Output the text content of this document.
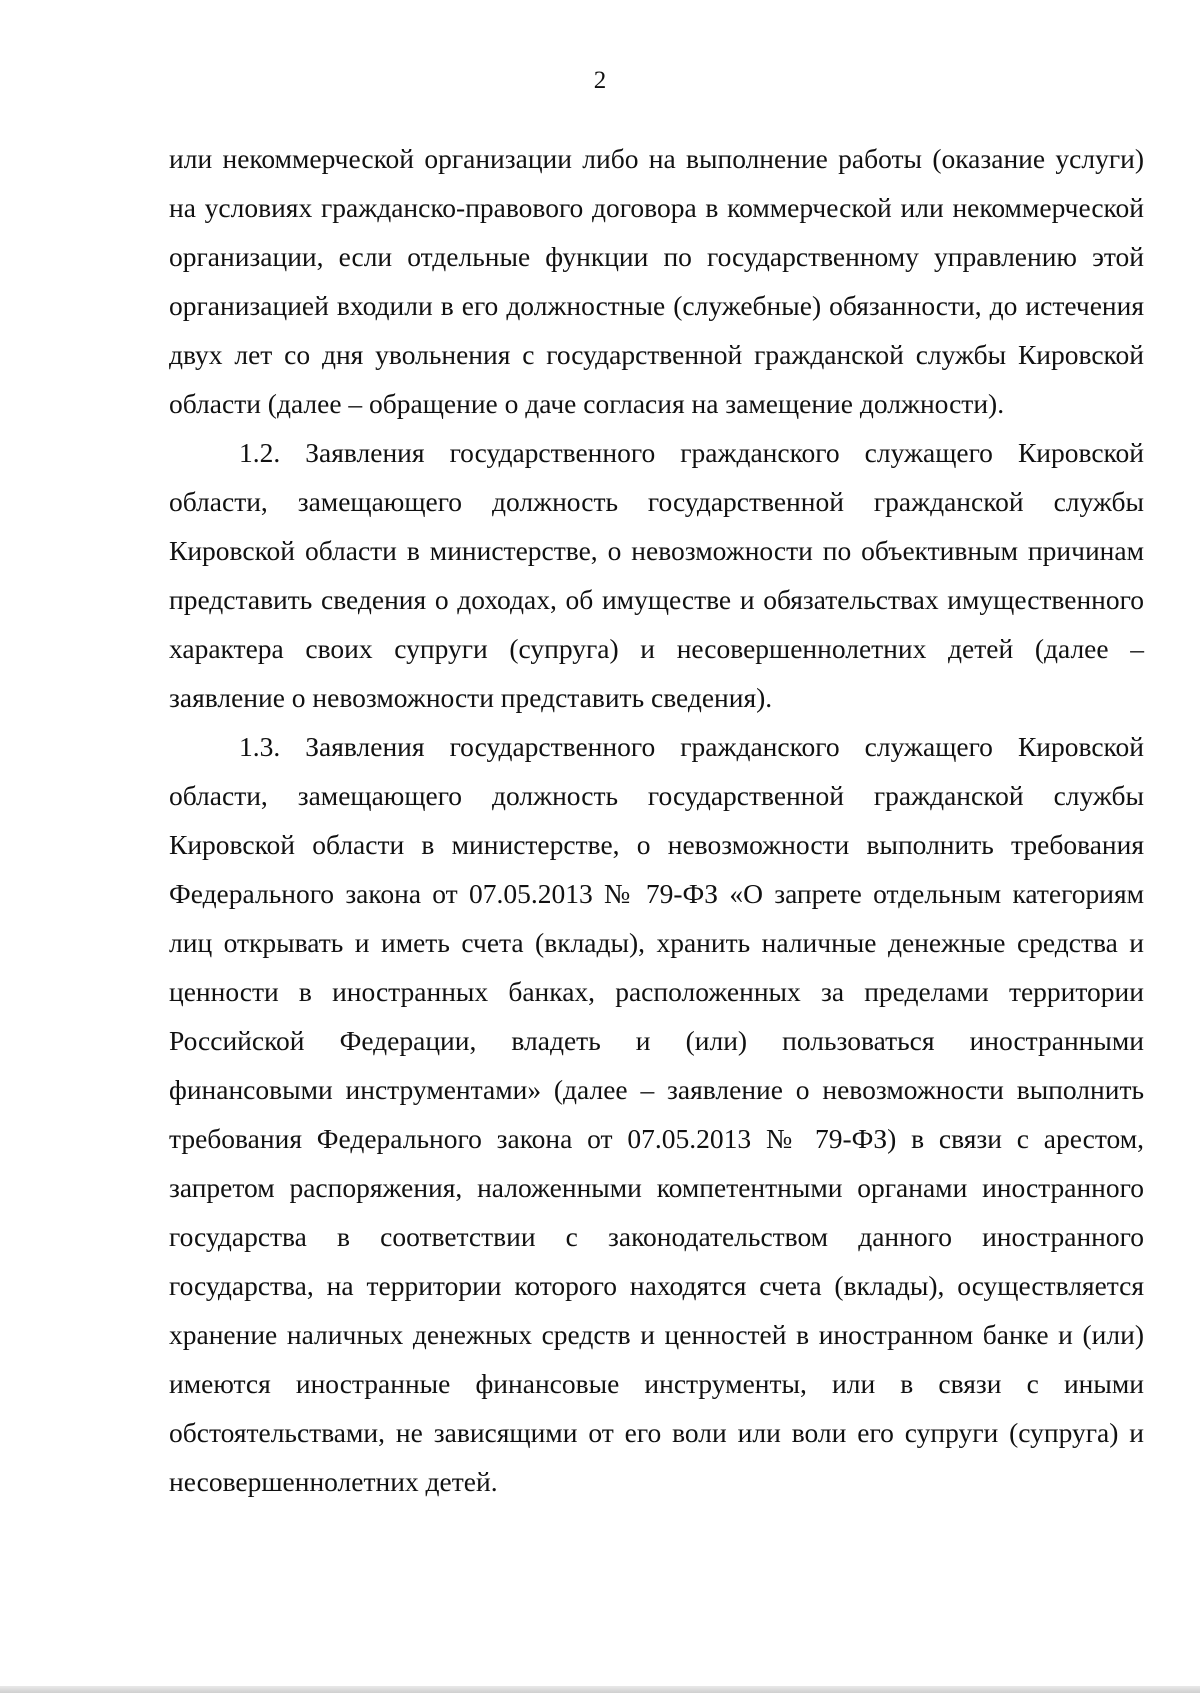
2

или некоммерческой организации либо на выполнение работы (оказание услуги) на условиях гражданско-правового договора в коммерческой или некоммерческой организации, если отдельные функции по государственному управлению этой организацией входили в его должностные (служебные) обязанности, до истечения двух лет со дня увольнения с государственной гражданской службы Кировской области (далее – обращение о даче согласия на замещение должности).

1.2. Заявления государственного гражданского служащего Кировской области, замещающего должность государственной гражданской службы Кировской области в министерстве, о невозможности по объективным причинам представить сведения о доходах, об имуществе и обязательствах имущественного характера своих супруги (супруга) и несовершеннолетних детей (далее – заявление о невозможности представить сведения).

1.3. Заявления государственного гражданского служащего Кировской области, замещающего должность государственной гражданской службы Кировской области в министерстве, о невозможности выполнить требования Федерального закона от 07.05.2013 № 79-ФЗ «О запрете отдельным категориям лиц открывать и иметь счета (вклады), хранить наличные денежные средства и ценности в иностранных банках, расположенных за пределами территории Российской Федерации, владеть и (или) пользоваться иностранными финансовыми инструментами» (далее – заявление о невозможности выполнить требования Федерального закона от 07.05.2013 № 79-ФЗ) в связи с арестом, запретом распоряжения, наложенными компетентными органами иностранного государства в соответствии с законодательством данного иностранного государства, на территории которого находятся счета (вклады), осуществляется хранение наличных денежных средств и ценностей в иностранном банке и (или) имеются иностранные финансовые инструменты, или в связи с иными обстоятельствами, не зависящими от его воли или воли его супруги (супруга) и несовершеннолетних детей.
